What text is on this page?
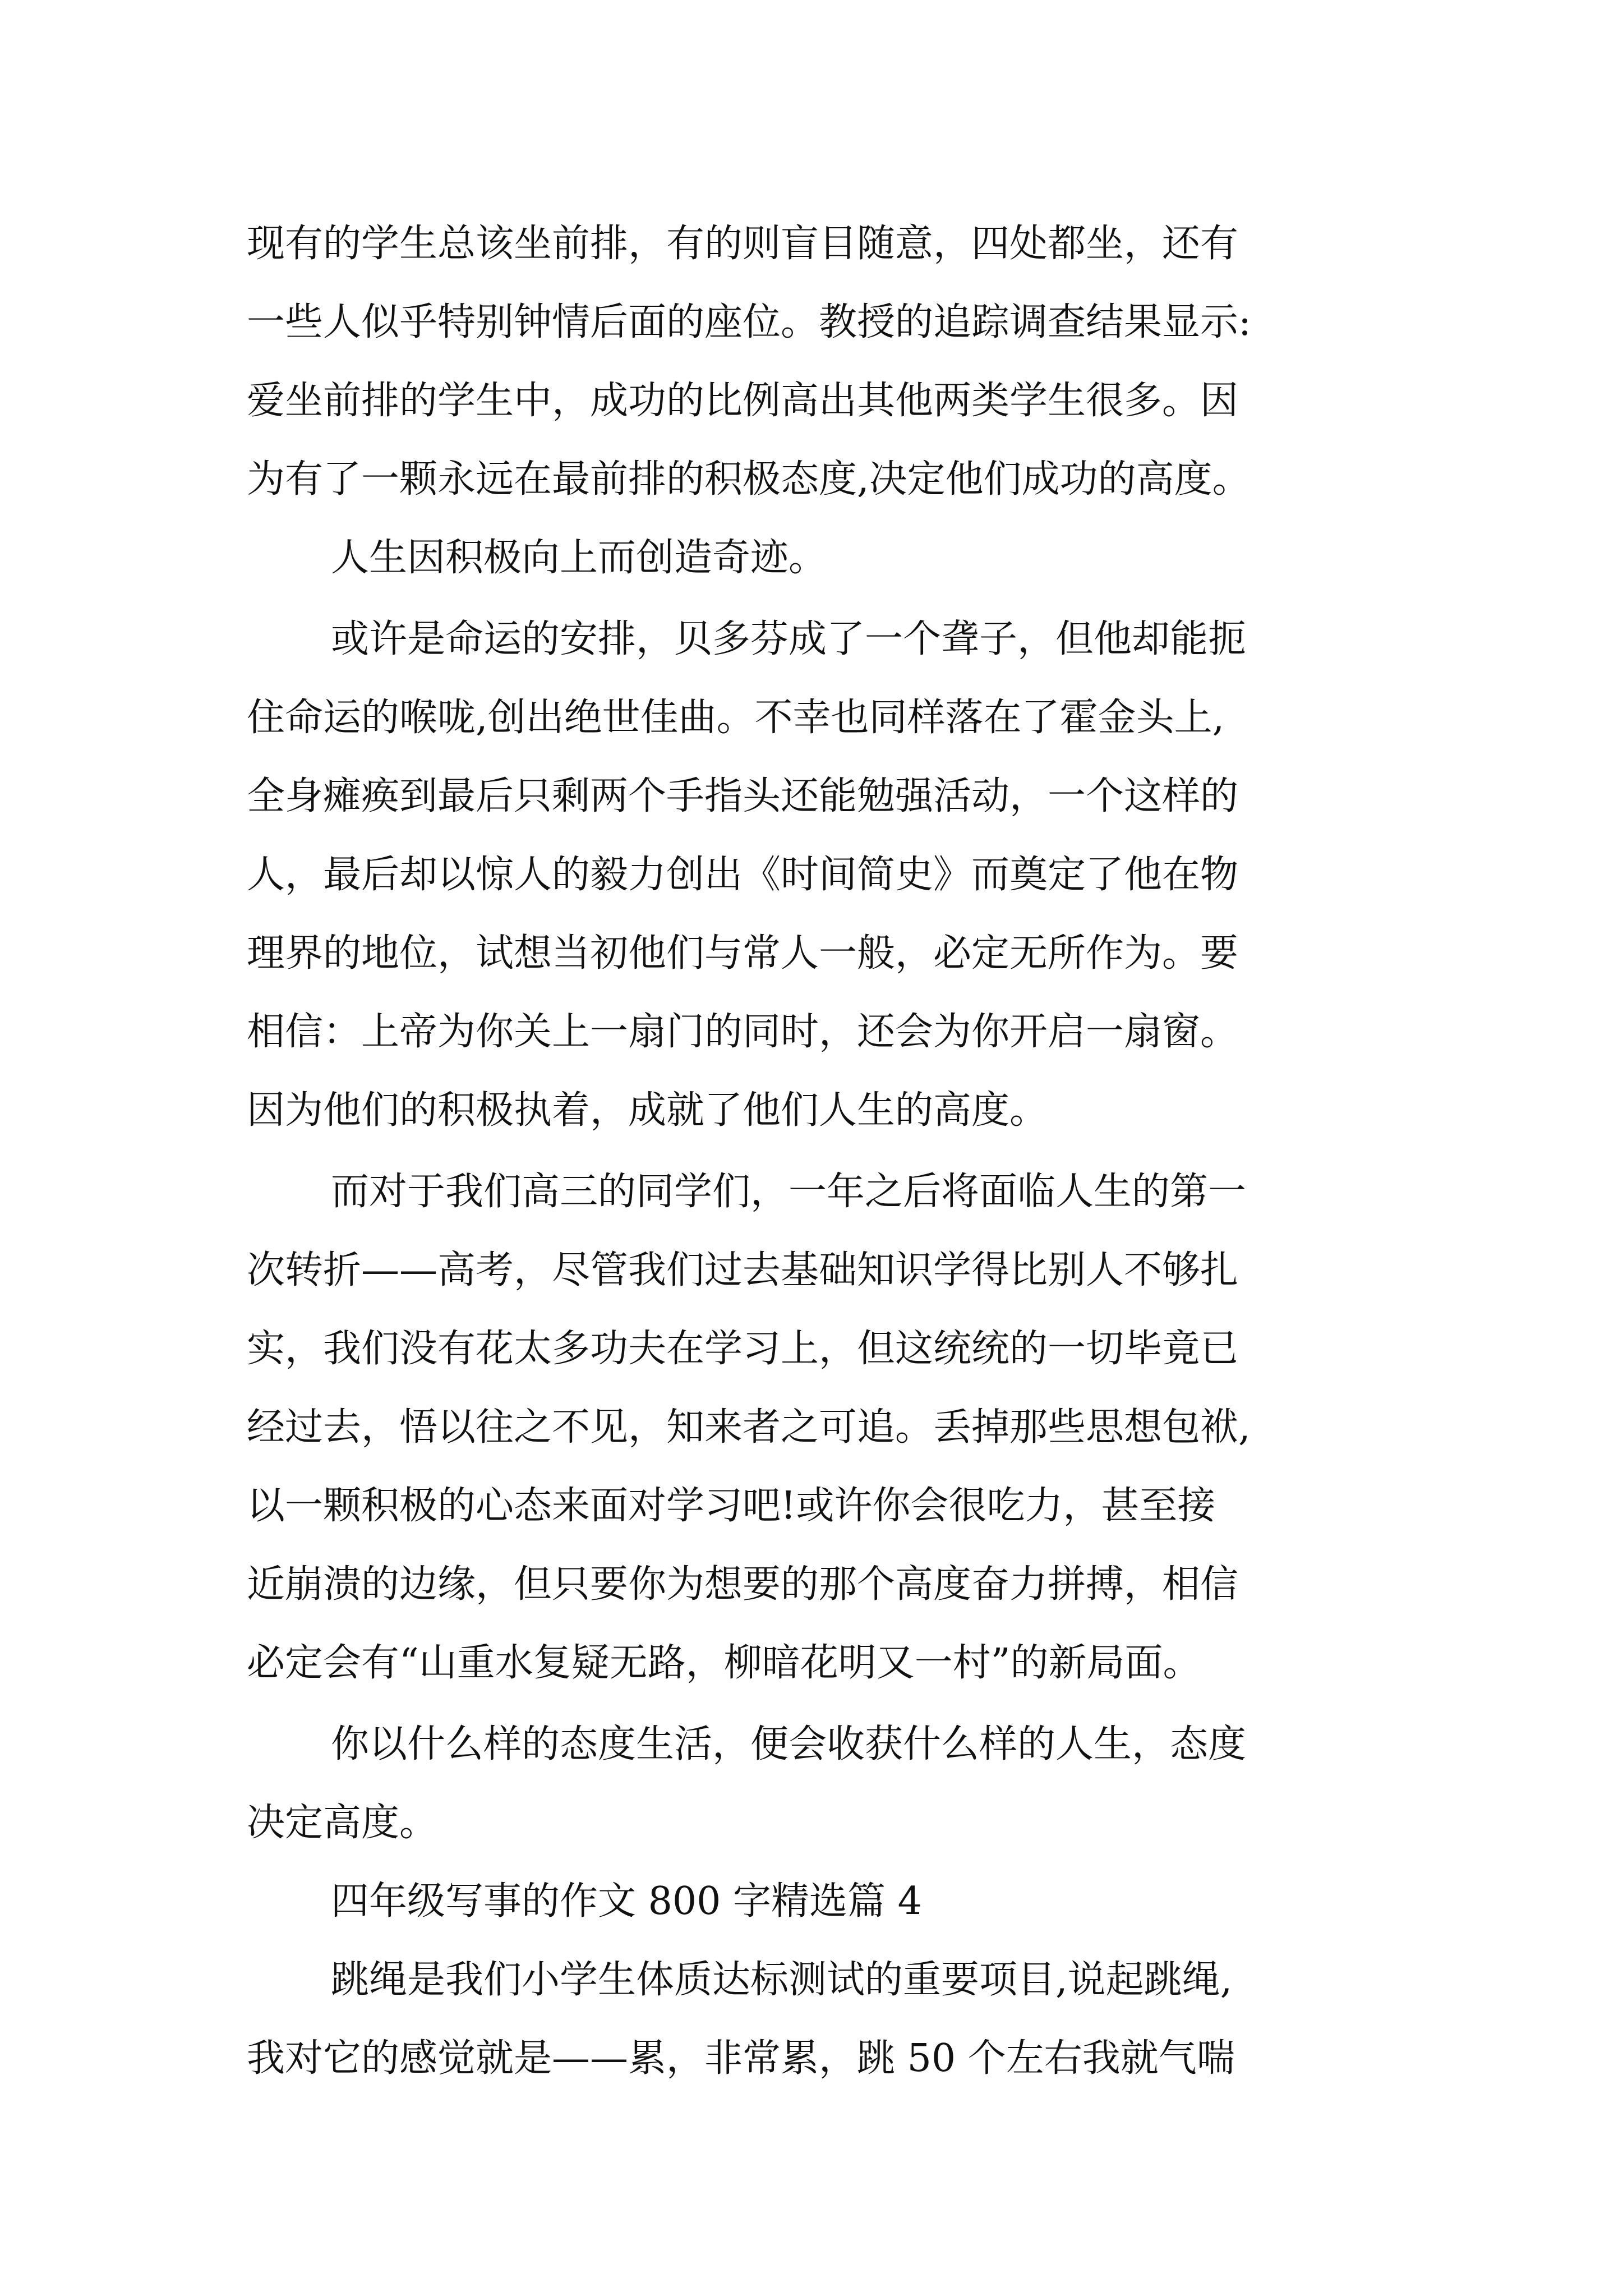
现有的学生总该坐前排，有的则盲目随意，四处都坐，还有
一些人似乎特别钟情后面的座位。教授的追踪调查结果显示:
爱坐前排的学生中，成功的比例高出其他两类学生很多。因
为有了一颗永远在最前排的积极态度,决定他们成功的高度。
人生因积极向上而创造奇迹。
或许是命运的安排，贝多芬成了一个聋子，但他却能扼
住命运的喉咙,创出绝世佳曲。不幸也同样落在了霍金头上,
全身瘫痪到最后只剩两个手指头还能勉强活动，一个这样的
人，最后却以惊人的毅力创出《时间简史》而奠定了他在物
理界的地位，试想当初他们与常人一般，必定无所作为。要
相信：上帝为你关上一扇门的同时，还会为你开启一扇窗。
因为他们的积极执着，成就了他们人生的高度。
而对于我们高三的同学们，一年之后将面临人生的第一
次转折——高考，尽管我们过去基础知识学得比别人不够扎
实，我们没有花太多功夫在学习上，但这统统的一切毕竟已
经过去，悟以往之不见，知来者之可追。丢掉那些思想包袱,
以一颗积极的心态来面对学习吧!或许你会很吃力，甚至接
近崩溃的边缘，但只要你为想要的那个高度奋力拼搏，相信
必定会有“山重水复疑无路，柳暗花明又一村”的新局面。
你以什么样的态度生活，便会收获什么样的人生，态度
决定高度。
四年级写事的作文 800 字精选篇 4
跳绳是我们小学生体质达标测试的重要项目,说起跳绳,
我对它的感觉就是——累，非常累，跳 50 个左右我就气喘
